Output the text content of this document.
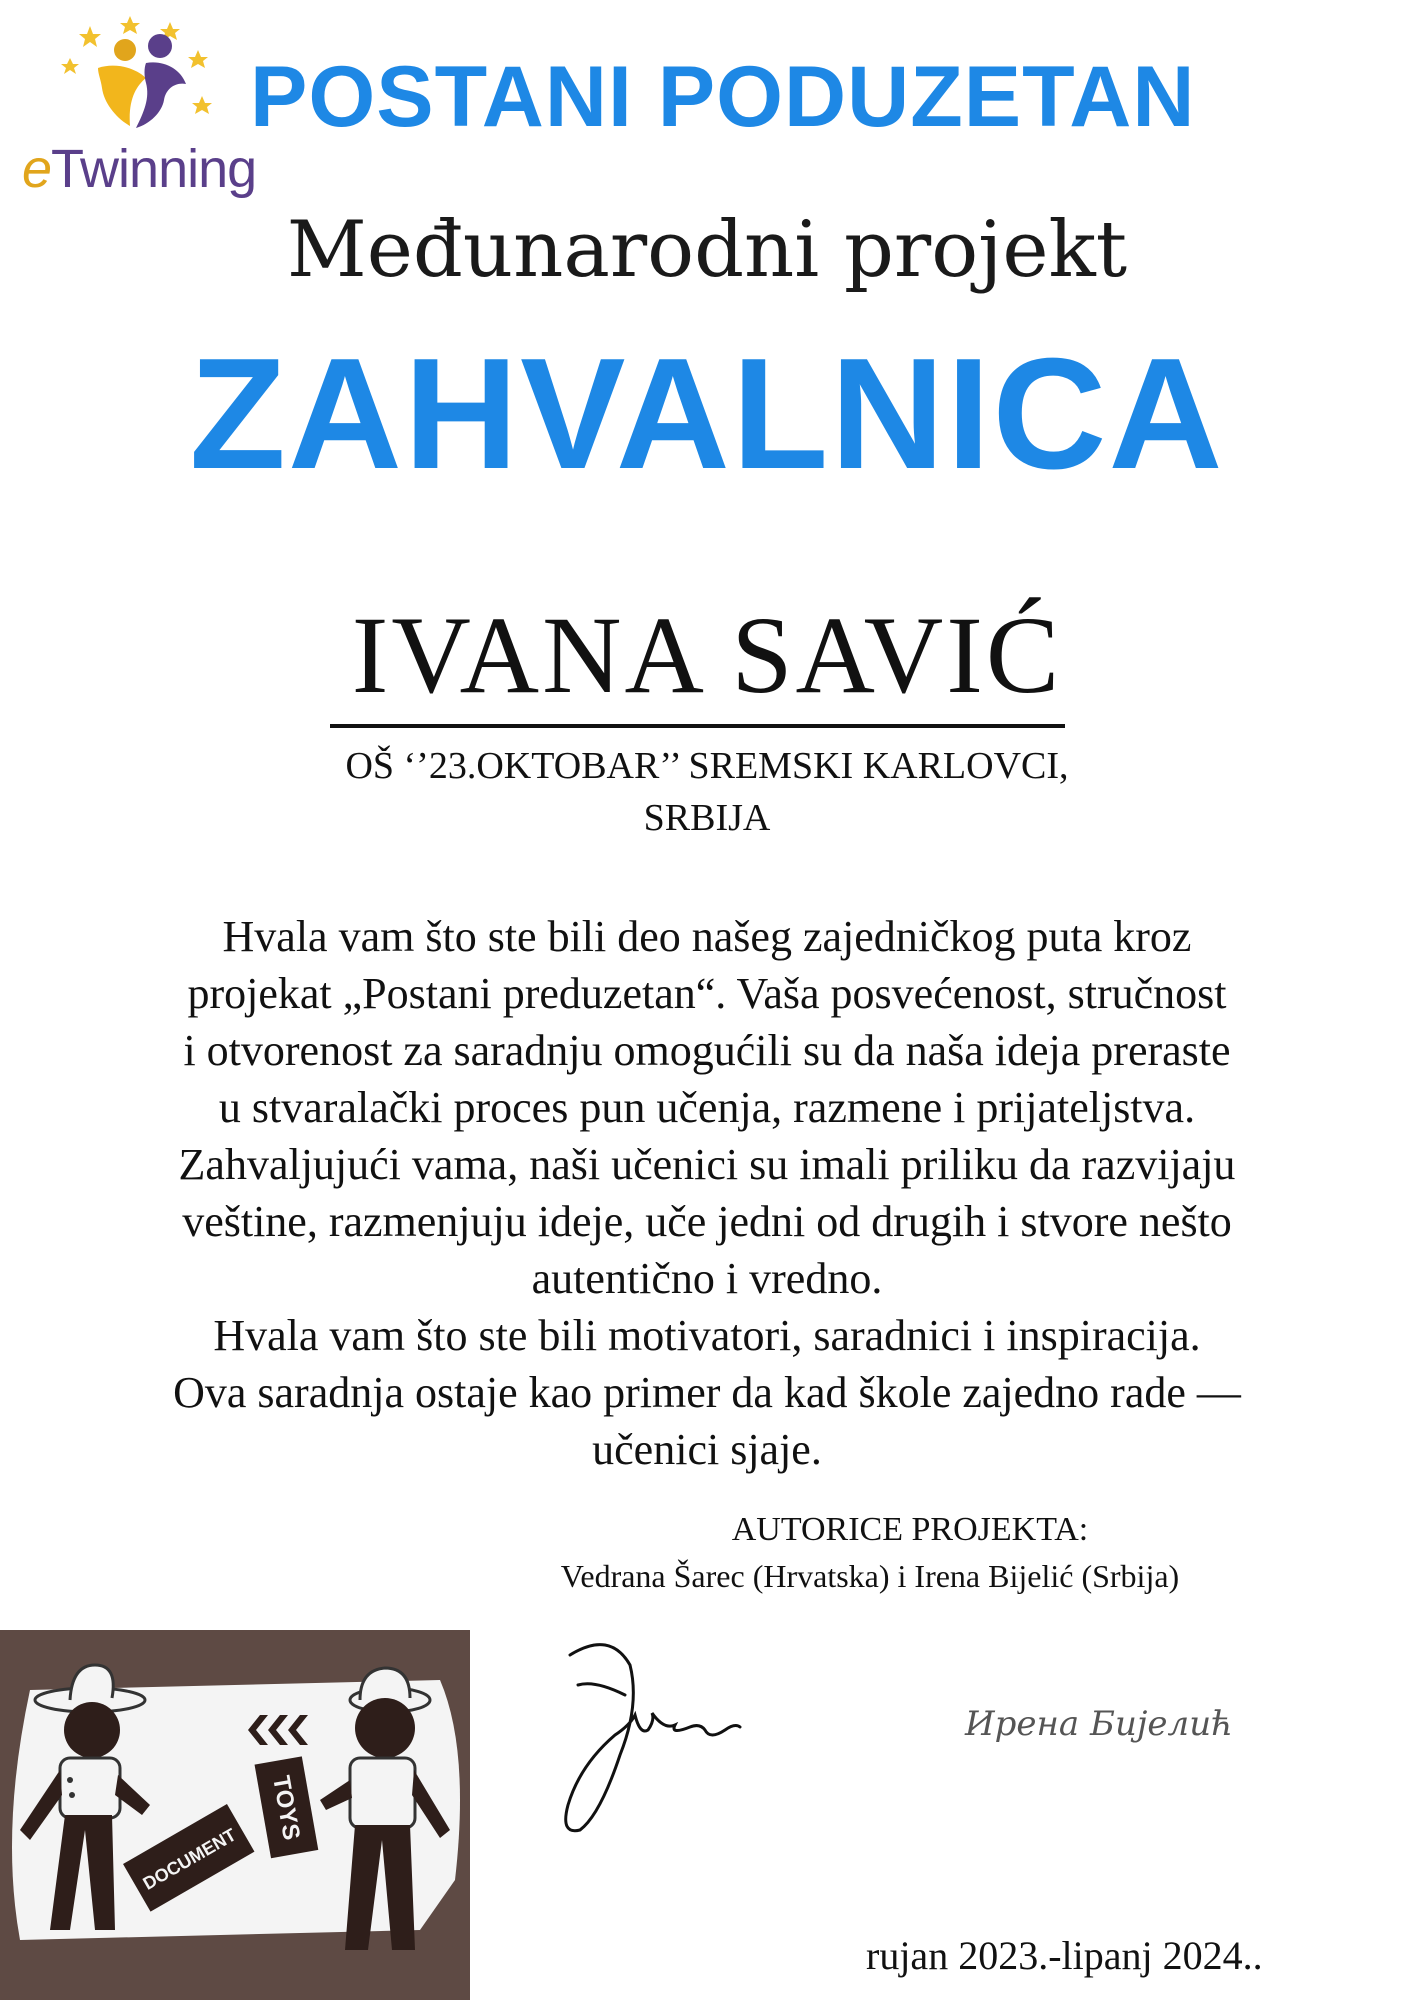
eTwinning
POSTANI PODUZETAN
Međunarodni projekt
ZAHVALNICA
IVANA SAVIĆ
OŠ ‘’23.OKTOBAR’’ SREMSKI KARLOVCI,
SRBIJA

Hvala vam što ste bili deo našeg zajedničkog puta kroz

projekat „Postani preduzetan“. Vaša posvećenost, stručnost

i otvorenost za saradnju omogućili su da naša ideja preraste

u stvaralački proces pun učenja, razmene i prijateljstva.

Zahvaljujući vama, naši učenici su imali priliku da razvijaju

veštine, razmenjuju ideje, uče jedni od drugih i stvore nešto

autentično i vredno.

Hvala vam što ste bili motivatori, saradnici i inspiracija.

Ova saradnja ostaje kao primer da kad škole zajedno rade —

učenici sjaje.

AUTORICE PROJEKTA:
Vedrana Šarec (Hrvatska) i Irena Bijelić (Srbija)
DOCUMENT
TOYS
Ирена Бијелић
rujan 2023.-lipanj 2024..
